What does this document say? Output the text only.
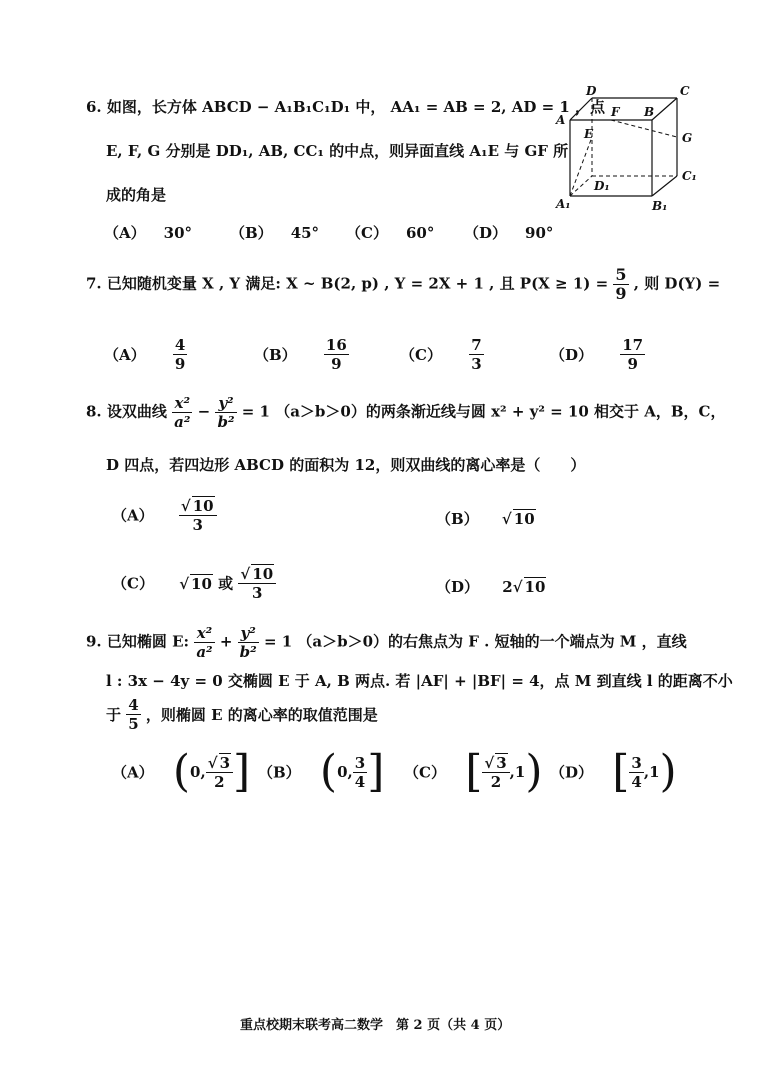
6. 如图，长方体 ABCD − A₁B₁C₁D₁ 中， AA₁ = AB = 2, AD = 1 ，点
E, F, G 分别是 DD₁, AB, CC₁ 的中点，则异面直线 A₁E 与 GF 所
成的角是
（A） 30°	（B） 45° （C） 60° （D） 90°
D	C
A
F B
E	G
D₁
C₁
A₁	B₁
7. 已知随机变量 X , Y 满足: X ~ B(2, p) , Y = 2X + 1 , 且 $P(X \ge 1) = \frac{5}{9}$ , 则 D(Y) =
$(A) \frac{4}{9}$	$(B) \frac{16}{9}$	$(C) \frac{7}{3}$	$(D) \frac{17}{9}$
8. 设双曲线 $\frac{\text{x²}}{\text{a²}} - \frac{\text{y²}}{\text{b²}} = 1$ （a＞b＞0）的两条渐近线与圆 x² + y² = 10 相交于 A，B，C，
D 四点，若四边形 ABCD 的面积为 12，则双曲线的离心率是（　　）
（A） √ $\frac{10}{3}$	（B） √ 10
（C） √ 10 或 √ $\frac{10}{3}$	（D） 2 √ 10
9. 已知椭圆 E: $\frac{\text{x²}}{\text{a²}} + \frac{\text{y²}}{\text{b²}} = 1$ （a＞b＞0）的右焦点为 F . 短轴的一个端点为 M ，直线
l : 3x − 4y = 0 交椭圆 E 于 A, B 两点. 若 |AF| + |BF| = 4，点 M 到直线 l 的距离不小
于 $\frac{4}{5}$ ，则椭圆 E 的离心率的取值范围是
（A） (0, √ $\frac{3}{2}$ ] （B） (0, $\frac{3}{4}$ ] （C） [ √ $\frac{3}{2} ,1$) （D） [ $\frac{3}{4} ,1$)
重点校期末联考高二数学　第 2 页（共 4 页）
